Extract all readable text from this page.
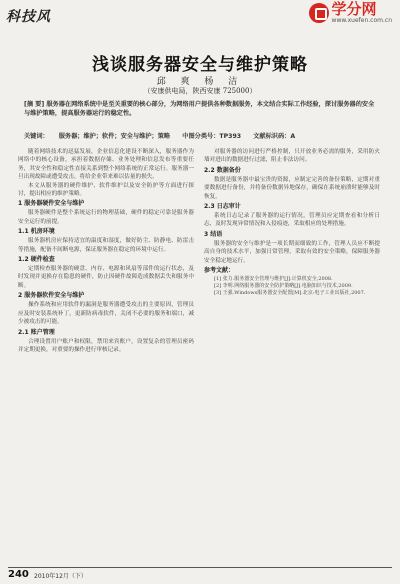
科技风	学分网
www.xuefen.com.cn
浅谈服务器安全与维护策略
邱 爽 杨 洁
（安康供电局，陕西安康 725000）
[摘 要] 服务器在网络系统中是至关重要的核心部分，为网络用户提供各种数据服务，本文结合实际工作经验，探讨服务器的安全与维护策略，提高服务器运行的稳定性。
关键词： 服务器；维护；软件；安全与维护；策略 中图分类号：TP393 文献标识码：A

随着网络技术的迅猛发展，企业信息化建设不断深入，服务器作为网络中的核心设备，承担着数据存储、业务处理和信息发布等重要任务，其安全性和稳定性直接关系到整个网络系统的正常运行。服务器一旦出现故障或遭受攻击，将给企业带来难以估量的损失。

本文从服务器的硬件维护、软件维护以及安全防护等方面进行探讨，提出相应的维护策略。

1 服务器硬件安全与维护

服务器硬件是整个系统运行的物理基础，硬件的稳定可靠是服务器安全运行的前提。

1.1 机房环境

服务器机房应保持适宜的温度和湿度，做好防尘、防静电、防雷击等措施，配备不间断电源，保证服务器在稳定的环境中运行。

1.2 硬件检查

定期检查服务器的硬盘、内存、电源和风扇等部件的运行状态，及时发现并更换存在隐患的硬件，防止因硬件故障造成数据丢失和服务中断。

2 服务器软件安全与维护

操作系统和应用软件的漏洞是服务器遭受攻击的主要原因，管理员应及时安装系统补丁，更新防病毒软件，关闭不必要的服务和端口，减少被攻击的可能。

2.1 账户管理

合理设置用户账户和权限，禁用来宾账户，设置复杂的管理员密码并定期更换，对重要的操作进行审核记录。

对服务器的访问进行严格控制，只开放业务必需的服务，采用防火墙对进出的数据进行过滤，阻止非法访问。

2.2 数据备份

数据是服务器中最宝贵的资源，应制定完善的备份策略，定期对重要数据进行备份，并将备份数据异地保存，确保在系统崩溃时能够及时恢复。

2.3 日志审计

系统日志记录了服务器的运行情况，管理员应定期查看和分析日志，及时发现异常情况和入侵痕迹，采取相应的处理措施。

3 结语

服务器的安全与维护是一项长期而细致的工作，管理人员应不断提高自身的技术水平，加强日常管理，采取有效的安全策略，保障服务器安全稳定地运行。

参考文献：

[1] 张力.服务器安全管理与维护[J].计算机安全,2008.

[2] 李明.网络服务器的安全防护策略[J].电脑知识与技术,2009.

[3] 王强.Windows服务器安全配置[M].北京:电子工业出版社,2007.

240 2010年12月（下）
